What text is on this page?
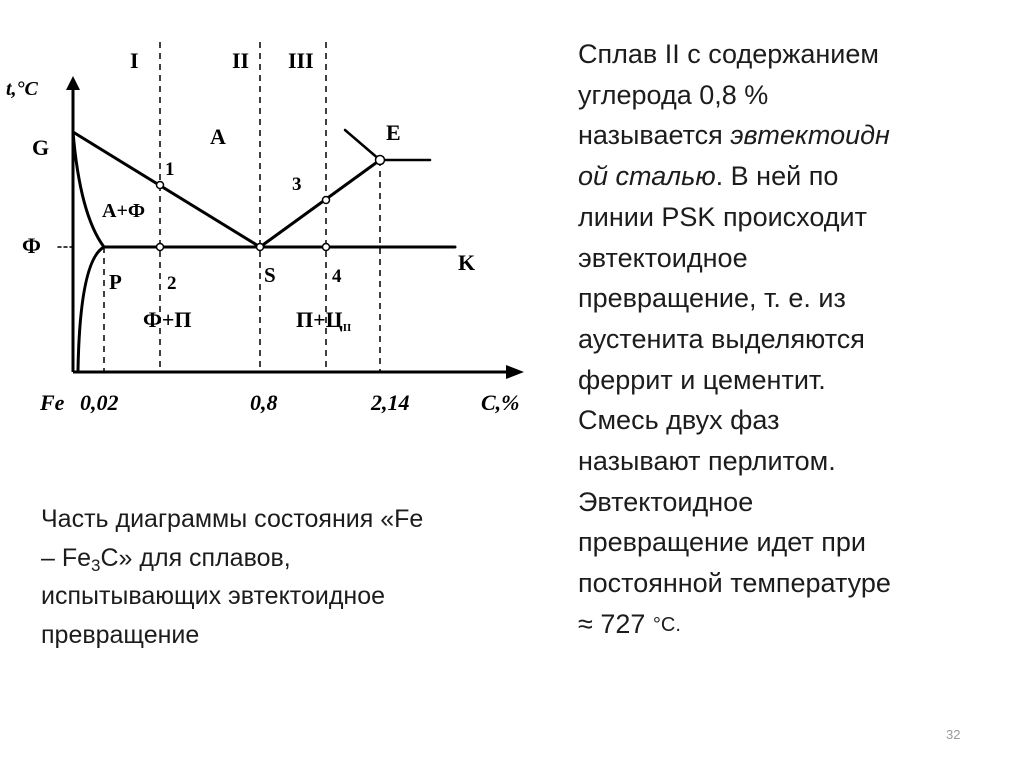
I	II III
t,°C
C,%
G
E
Ф
P	S	K
1
2
3
4
A
A+Ф
Ф+П	П+ЦII
Fe 0,02	0,8	2,14
Сплав II с содержанием
углерода 0,8 %
называется эвтектоидн
ой сталью. В ней по
линии PSK происходит
эвтектоидное
превращение, т. е. из
аустенита выделяются
феррит и цементит.
Смесь двух фаз
называют перлитом.
Эвтектоидное
превращение идет при
постоянной температуре
≈ 727 °С.
Часть диаграммы состояния «Fe
– $Fe_3C$» для сплавов,
испытывающих эвтектоидное
превращение
32
